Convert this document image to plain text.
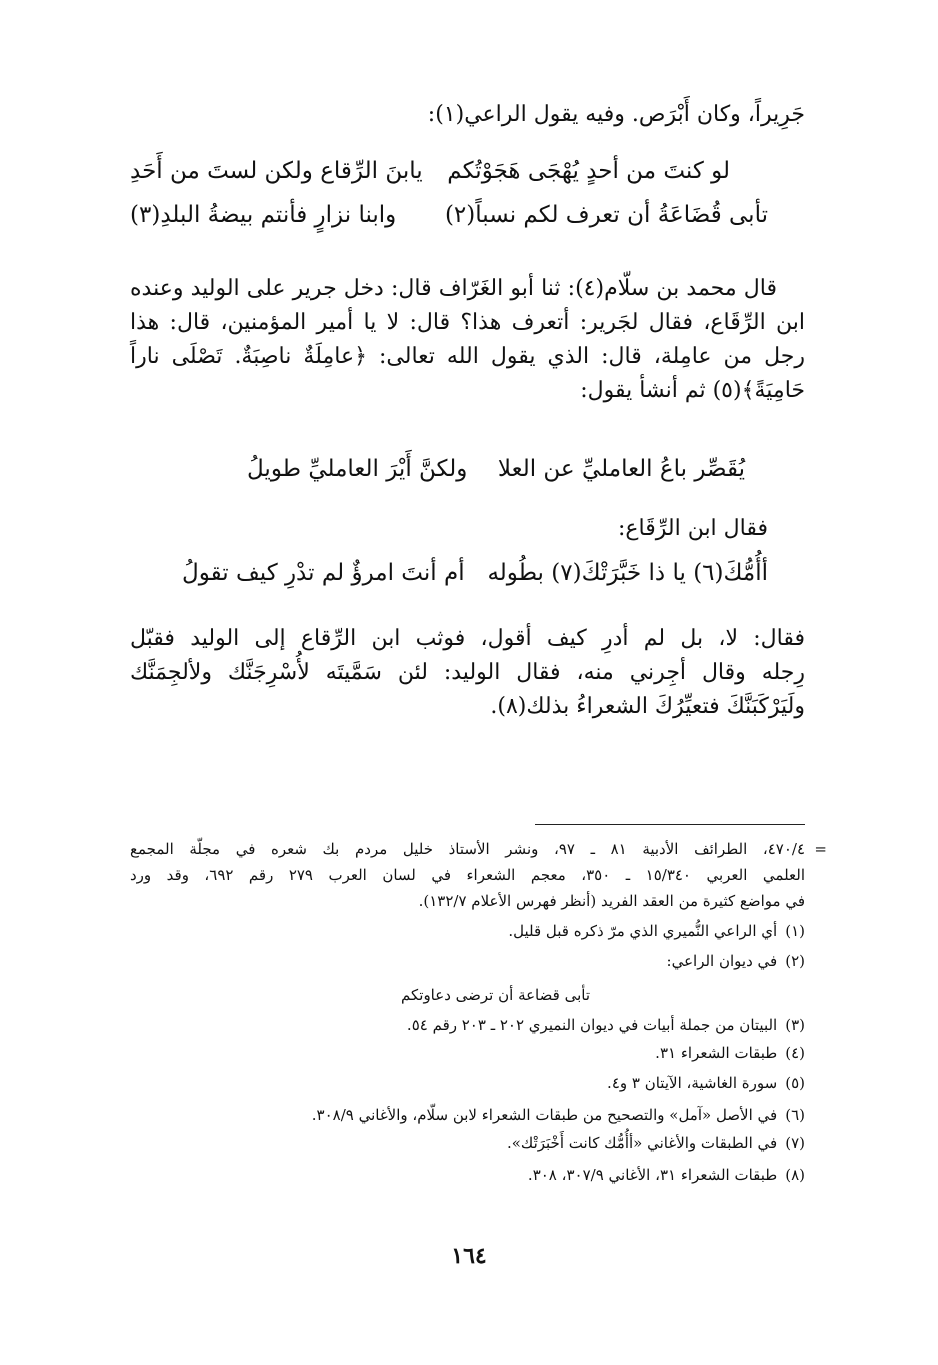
جَرِيراً، وكان أَبْرَص. وفيه يقول الراعي(١):
لو كنتَ من أحدٍ يُهْجَى هَجَوْتُكم
يابنَ الرِّقاع ولكن لستَ من أَحَدِ
تأبى قُضَاعَةُ أن تعرف لكم نسباً(٢)
وابنا نزارٍ فأنتم بيضةُ البلدِ(٣)
قال محمد بن سلّام(٤): ثنا أبو الغَرّاف قال: دخل جرير على الوليد وعنده
ابن الرِّقَاع، فقال لجَرير: أتعرف هذا؟ قال: لا يا أمير المؤمنين، قال: هذا
رجل من عامِلة، قال: الذي يقول الله تعالى: ﴿عامِلَةٌ ناصِبَةٌ. تَصْلَى ناراً
حَامِيَةً﴾(٥) ثم أنشأ يقول:
يُقَصِّر باعُ العامليِّ عن العلا
ولكنَّ أَيْرَ العامليِّ طويلُ
فقال ابن الرِّقَاع:
أأُمُّكَ(٦) يا ذا خَبَّرَتْكَ(٧) بطُوله
أم أنتَ امرؤٌ لم تدْرِ كيف تقولُ
فقال: لا، بل لم أدرِ كيف أقول، فوثب ابن الرِّقاع إلى الوليد فقبّل
رِجله وقال أجِرني منه، فقال الوليد: لئن سَمَّيتَه لأُسْرِجَنَّك ولألجِمَنَّك
ولَيَرْكَبَنَّكَ فتعيِّرُكَ الشعراءُ بذلك(٨).
=
٤٧٠/٤، الطرائف الأدبية ٨١ ـ ٩٧، ونشر الأستاذ خليل مردم بك شعره في مجلّة المجمع
العلمي العربي ١٥/٣٤٠ ـ ٣٥٠، معجم الشعراء في لسان العرب ٢٧٩ رقم ٦٩٢، وقد ورد
في مواضع كثيرة من العقد الفريد (أنظر فهرس الأعلام ١٣٢/٧).
(١)أي الراعي النُّميري الذي مرّ ذكره قبل قليل.
(٢)في ديوان الراعي:
تأبى قضاعة أن ترضى دعاوتكم
(٣)البيتان من جملة أبيات في ديوان النميري ٢٠٢ ـ ٢٠٣ رقم ٥٤.
(٤)طبقات الشعراء ٣١.
(٥)سورة الغاشية، الآيتان ٣ و٤.
(٦)في الأصل «آمل» والتصحيح من طبقات الشعراء لابن سلّام، والأغاني ٣٠٨/٩.
(٧)في الطبقات والأغاني «أأُمُّك كانت أَخْبَرَتْك».
(٨)طبقات الشعراء ٣١، الأغاني ٣٠٧/٩، ٣٠٨.
١٦٤
